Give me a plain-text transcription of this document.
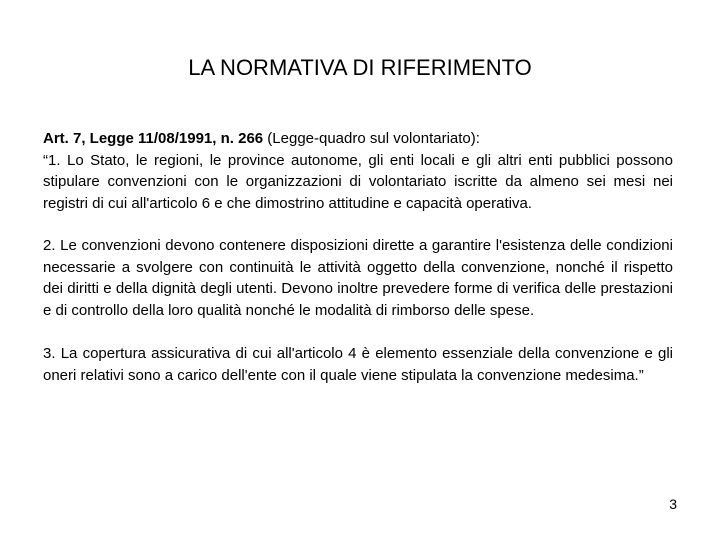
LA NORMATIVA DI RIFERIMENTO

Art. 7, Legge 11/08/1991, n. 266 (Legge-quadro sul volontariato):

“1. Lo Stato, le regioni, le province autonome, gli enti locali e gli altri enti pubblici possono stipulare convenzioni con le organizzazioni di volontariato iscritte da almeno sei mesi nei registri di cui all'articolo 6 e che dimostrino attitudine e capacità operativa.

2. Le convenzioni devono contenere disposizioni dirette a garantire l'esistenza delle condizioni necessarie a svolgere con continuità le attività oggetto della convenzione, nonché il rispetto dei diritti e della dignità degli utenti. Devono inoltre prevedere forme di verifica delle prestazioni e di controllo della loro qualità nonché le modalità di rimborso delle spese.

3. La copertura assicurativa di cui all'articolo 4 è elemento essenziale della convenzione e gli oneri relativi sono a carico dell'ente con il quale viene stipulata la convenzione medesima.”

3
